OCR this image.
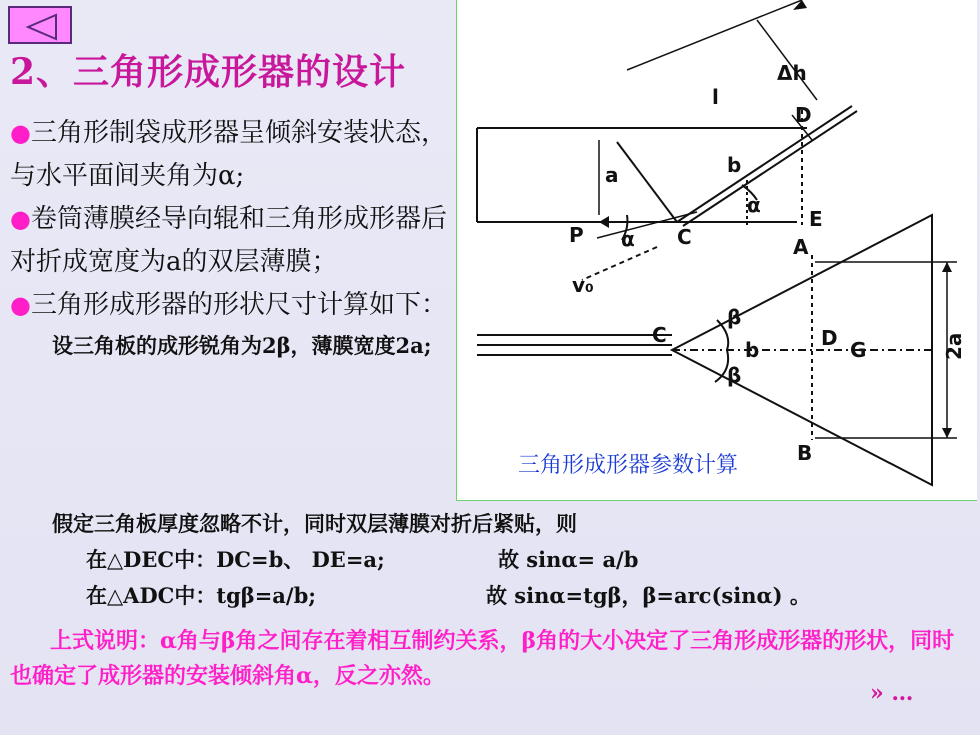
2、三角形成形器的设计
●三角形制袋成形器呈倾斜安装状态，与水平面间夹角为α;
●卷筒薄膜经导向辊和三角形成形器后对折成宽度为a的双层薄膜；
●三角形成形器的形状尺寸计算如下：
设三角板的成形锐角为2β，薄膜宽度2a;
l
Δh
D
b
α
a
E
P α C	A
v₀
C
β
b	D
β
G	2a
B
三角形成形器参数计算
假定三角板厚度忽略不计，同时双层薄膜对折后紧贴，则
在△DEC中：DC=b、 DE=a;	故 sinα= a/b
在△ADC中：tgβ=a/b;	故 sinα=tgβ，β=arc(sinα) 。
上式说明：α角与β角之间存在着相互制约关系，β角的大小决定了三角形成形器的形状，同时也确定了成形器的安装倾斜角α，反之亦然。
» …
